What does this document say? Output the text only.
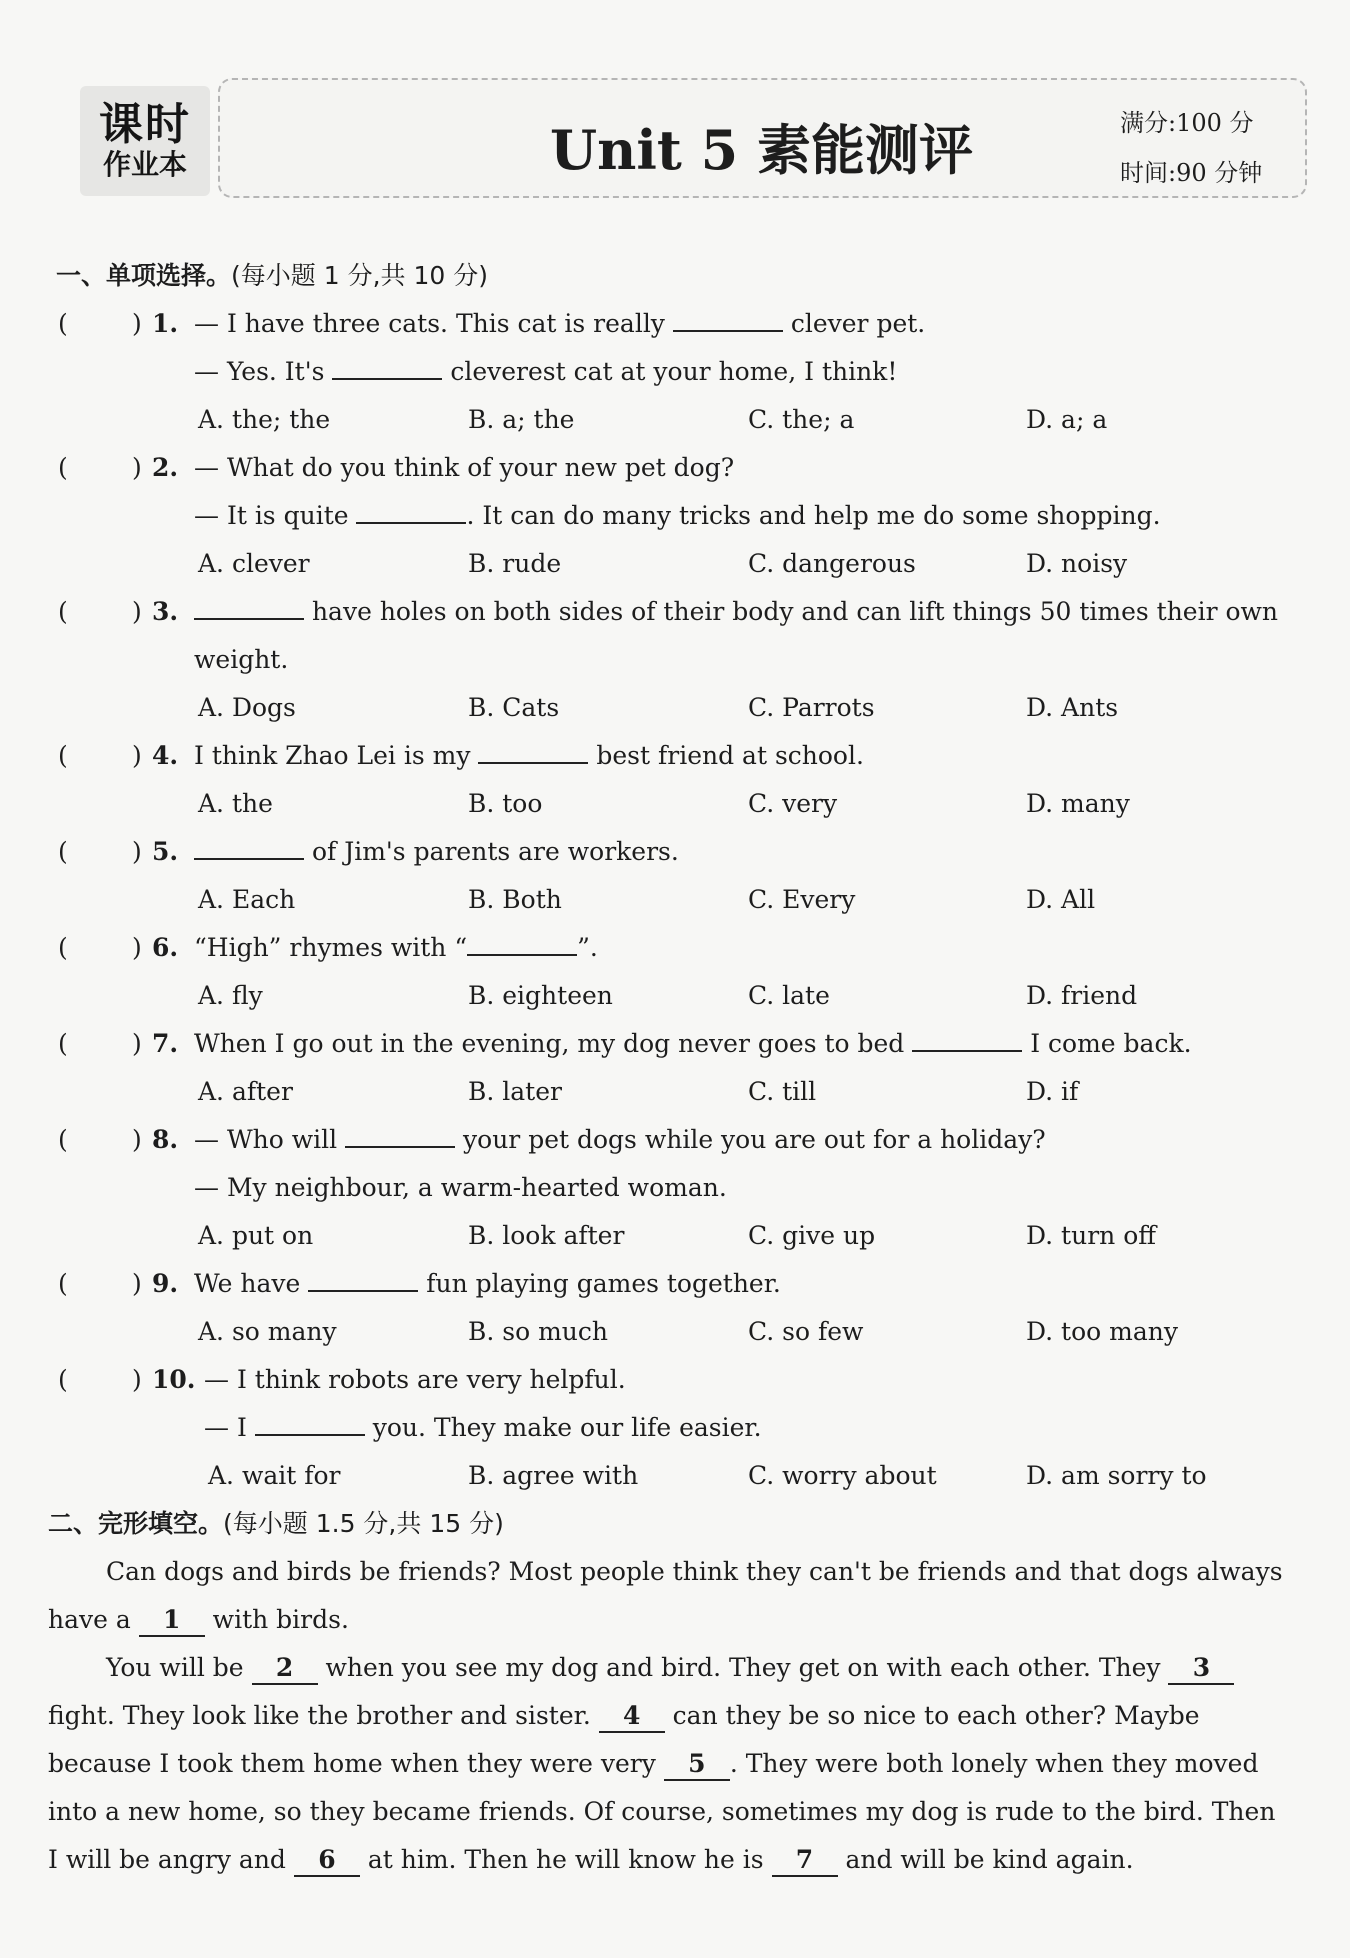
课时
作业本	Unit 5 素能测评	满分:100 分
时间:90 分钟
一、单项选择。(每小题 1 分,共 10 分)
(	) 1. — I have three cats. This cat is really	clever pet.
— Yes. It's	cleverest cat at your home, I think!
A. the; the	B. a; the	C. the; a	D. a; a
(	) 2. — What do you think of your new pet dog?
— It is quite	. It can do many tricks and help me do some shopping.
A. clever	B. rude	C. dangerous	D. noisy
(	) 3.	have holes on both sides of their body and can lift things 50 times their own
weight.
A. Dogs	B. Cats	C. Parrots	D. Ants
(	) 4. I think Zhao Lei is my	best friend at school.
A. the	B. too	C. very	D. many
(	) 5.	of Jim's parents are workers.
A. Each	B. Both	C. Every	D. All
(	) 6. “High” rhymes with “	”.
A. fly	B. eighteen	C. late	D. friend
(	) 7. When I go out in the evening, my dog never goes to bed	I come back.
A. after	B. later	C. till	D. if
(	) 8. — Who will	your pet dogs while you are out for a holiday?
— My neighbour, a warm-hearted woman.
A. put on	B. look after	C. give up	D. turn off
(	) 9. We have	fun playing games together.
A. so many	B. so much	C. so few	D. too many
(	) 10. — I think robots are very helpful.
— I	you. They make our life easier.
A. wait for	B. agree with	C. worry about	D. am sorry to
二、完形填空。(每小题 1.5 分,共 15 分)
Can dogs and birds be friends? Most people think they can't be friends and that dogs always
have a 1 with birds.
You will be 2 when you see my dog and bird. They get on with each other. They 3
fight. They look like the brother and sister. 4 can they be so nice to each other? Maybe
because I took them home when they were very 5 . They were both lonely when they moved
into a new home, so they became friends. Of course, sometimes my dog is rude to the bird. Then
I will be angry and 6 at him. Then he will know he is 7 and will be kind again.
